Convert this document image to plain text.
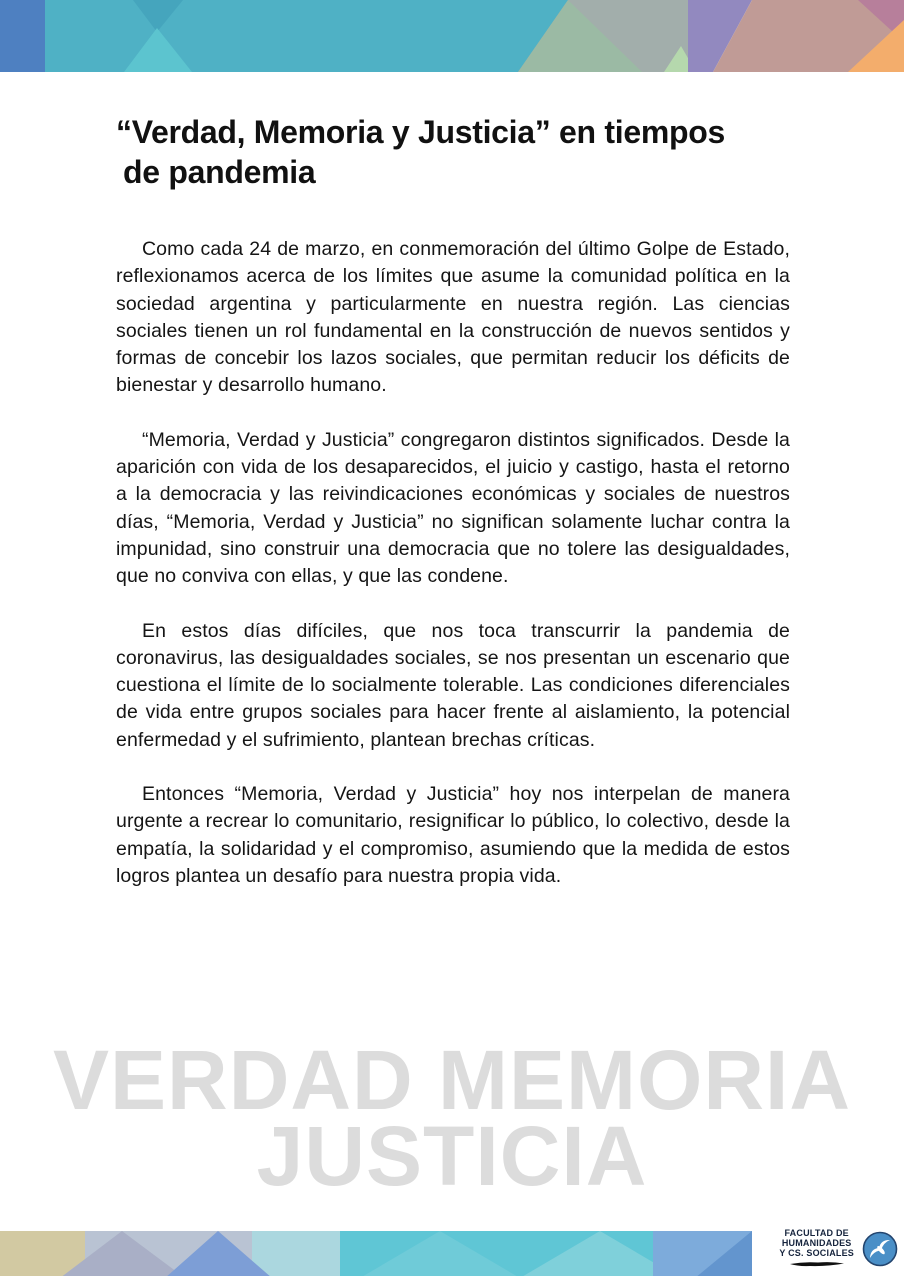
“Verdad, Memoria y Justicia” en tiempos
de pandemia

Como cada 24 de marzo, en conmemoración del último Golpe de Estado, reflexionamos acerca de los límites que asume la comunidad política en la sociedad argentina y particularmente en nuestra región. Las ciencias sociales tienen un rol fundamental en la construcción de nuevos sentidos y formas de concebir los lazos sociales, que permitan reducir los déficits de bienestar y desarrollo humano.

“Memoria, Verdad y Justicia” congregaron distintos significados. Desde la aparición con vida de los desaparecidos, el juicio y castigo, hasta el retorno a la democracia y las reivindicaciones económicas y sociales de nuestros días, “Memoria, Verdad y Justicia” no significan solamente luchar contra la impunidad, sino construir una democracia que no tolere las desigualdades, que no conviva con ellas, y que las condene.

En estos días difíciles, que nos toca transcurrir la pandemia de coronavirus, las desigualdades sociales, se nos presentan un escenario que cuestiona el límite de lo socialmente tolerable. Las condiciones diferenciales de vida entre grupos sociales para hacer frente al aislamiento, la potencial enfermedad y el sufrimiento, plantean brechas críticas.

Entonces “Memoria, Verdad y Justicia” hoy nos interpelan de manera urgente a recrear lo comunitario, resignificar lo público, lo colectivo, desde la empatía, la solidaridad y el compromiso, asumiendo que la medida de estos logros plantea un desafío para nuestra propia vida.

VERDAD MEMORIA
JUSTICIA
FACULTAD DE
HUMANIDADES
Y CS. SOCIALES
